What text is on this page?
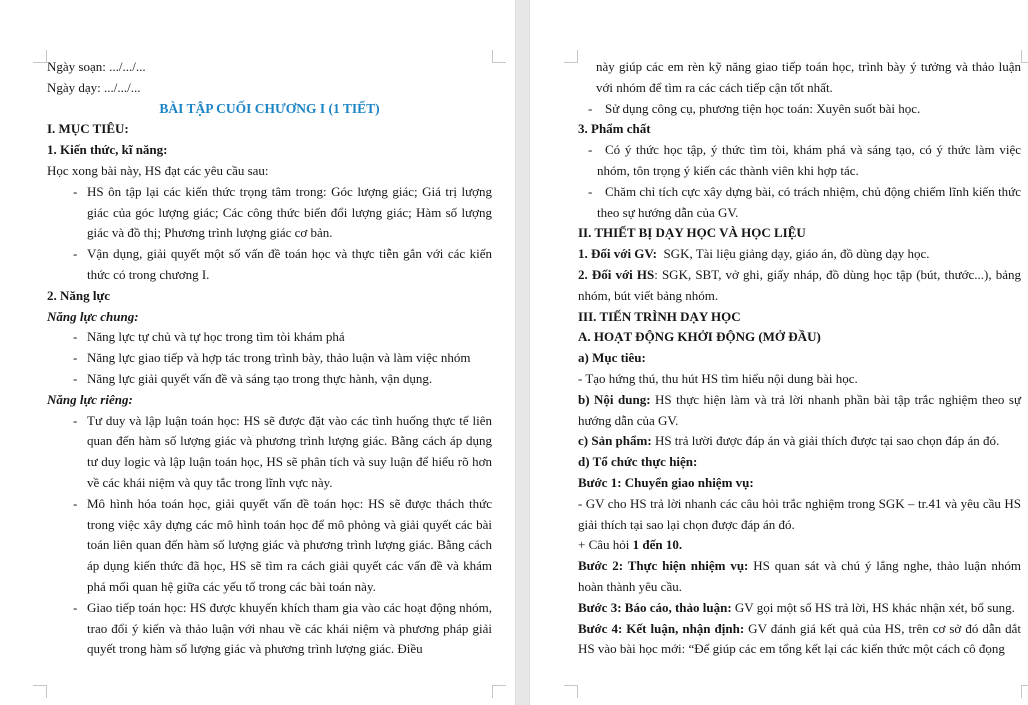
Ngày soạn: .../.../...

Ngày dạy: .../.../...

BÀI TẬP CUỐI CHƯƠNG I (1 TIẾT)

I. MỤC TIÊU:

1. Kiến thức, kĩ năng:

Học xong bài này, HS đạt các yêu cầu sau:

- HS ôn tập lại các kiến thức trọng tâm trong: Góc lượng giác; Giá trị lượng giác của góc lượng giác; Các công thức biến đổi lượng giác; Hàm số lượng giác và đồ thị; Phương trình lượng giác cơ bản.

- Vận dụng, giải quyết một số vấn đề toán học và thực tiễn gắn với các kiến thức có trong chương I.

2. Năng lực

Năng lực chung:

- Năng lực tự chủ và tự học trong tìm tòi khám phá

- Năng lực giao tiếp và hợp tác trong trình bày, thảo luận và làm việc nhóm

- Năng lực giải quyết vấn đề và sáng tạo trong thực hành, vận dụng.

Năng lực riêng:

- Tư duy và lập luận toán học: HS sẽ được đặt vào các tình huống thực tế liên quan đến hàm số lượng giác và phương trình lượng giác. Bằng cách áp dụng tư duy logic và lập luận toán học, HS sẽ phân tích và suy luận để hiểu rõ hơn về các khái niệm và quy tắc trong lĩnh vực này.

- Mô hình hóa toán học, giải quyết vấn đề toán học: HS sẽ được thách thức trong việc xây dựng các mô hình toán học để mô phỏng và giải quyết các bài toán liên quan đến hàm số lượng giác và phương trình lượng giác. Bằng cách áp dụng kiến thức đã học, HS sẽ tìm ra cách giải quyết các vấn đề và khám phá mối quan hệ giữa các yếu tố trong các bài toán này.

- Giao tiếp toán học: HS được khuyến khích tham gia vào các hoạt động nhóm, trao đổi ý kiến và thảo luận với nhau về các khái niệm và phương pháp giải quyết trong hàm số lượng giác và phương trình lượng giác. Điều

này giúp các em rèn kỹ năng giao tiếp toán học, trình bày ý tưởng và thảo luận với nhóm để tìm ra các cách tiếp cận tốt nhất.

- Sử dụng công cụ, phương tiện học toán: Xuyên suốt bài học.

3. Phẩm chất

- Có ý thức học tập, ý thức tìm tòi, khám phá và sáng tạo, có ý thức làm việc nhóm, tôn trọng ý kiến các thành viên khi hợp tác.

- Chăm chỉ tích cực xây dựng bài, có trách nhiệm, chủ động chiếm lĩnh kiến thức theo sự hướng dẫn của GV.

II. THIẾT BỊ DẠY HỌC VÀ HỌC LIỆU

1. Đối với GV:  SGK, Tài liệu giảng dạy, giáo án, đồ dùng dạy học.

2. Đối với HS: SGK, SBT, vở ghi, giấy nháp, đồ dùng học tập (bút, thước...), bảng nhóm, bút viết bảng nhóm.

III. TIẾN TRÌNH DẠY HỌC

A. HOẠT ĐỘNG KHỞI ĐỘNG (MỞ ĐẦU)

a) Mục tiêu:

- Tạo hứng thú, thu hút HS tìm hiểu nội dung bài học.

b) Nội dung: HS thực hiện làm và trả lời nhanh phần bài tập trắc nghiệm theo sự hướng dẫn của GV.

c) Sản phẩm: HS trả lười được đáp án và giải thích được tại sao chọn đáp án đó.

d) Tổ chức thực hiện:

Bước 1: Chuyển giao nhiệm vụ:

- GV cho HS trả lời nhanh các câu hỏi trắc nghiệm trong SGK – tr.41 và yêu cầu HS giải thích tại sao lại chọn được đáp án đó.

+ Câu hỏi 1 đến 10.

Bước 2: Thực hiện nhiệm vụ: HS quan sát và chú ý lắng nghe, thảo luận nhóm hoàn thành yêu cầu.

Bước 3: Báo cáo, thảo luận: GV gọi một số HS trả lời, HS khác nhận xét, bổ sung.

Bước 4: Kết luận, nhận định: GV đánh giá kết quả của HS, trên cơ sở đó dẫn dắt HS vào bài học mới: “Để giúp các em tổng kết lại các kiến thức một cách cô đọng
